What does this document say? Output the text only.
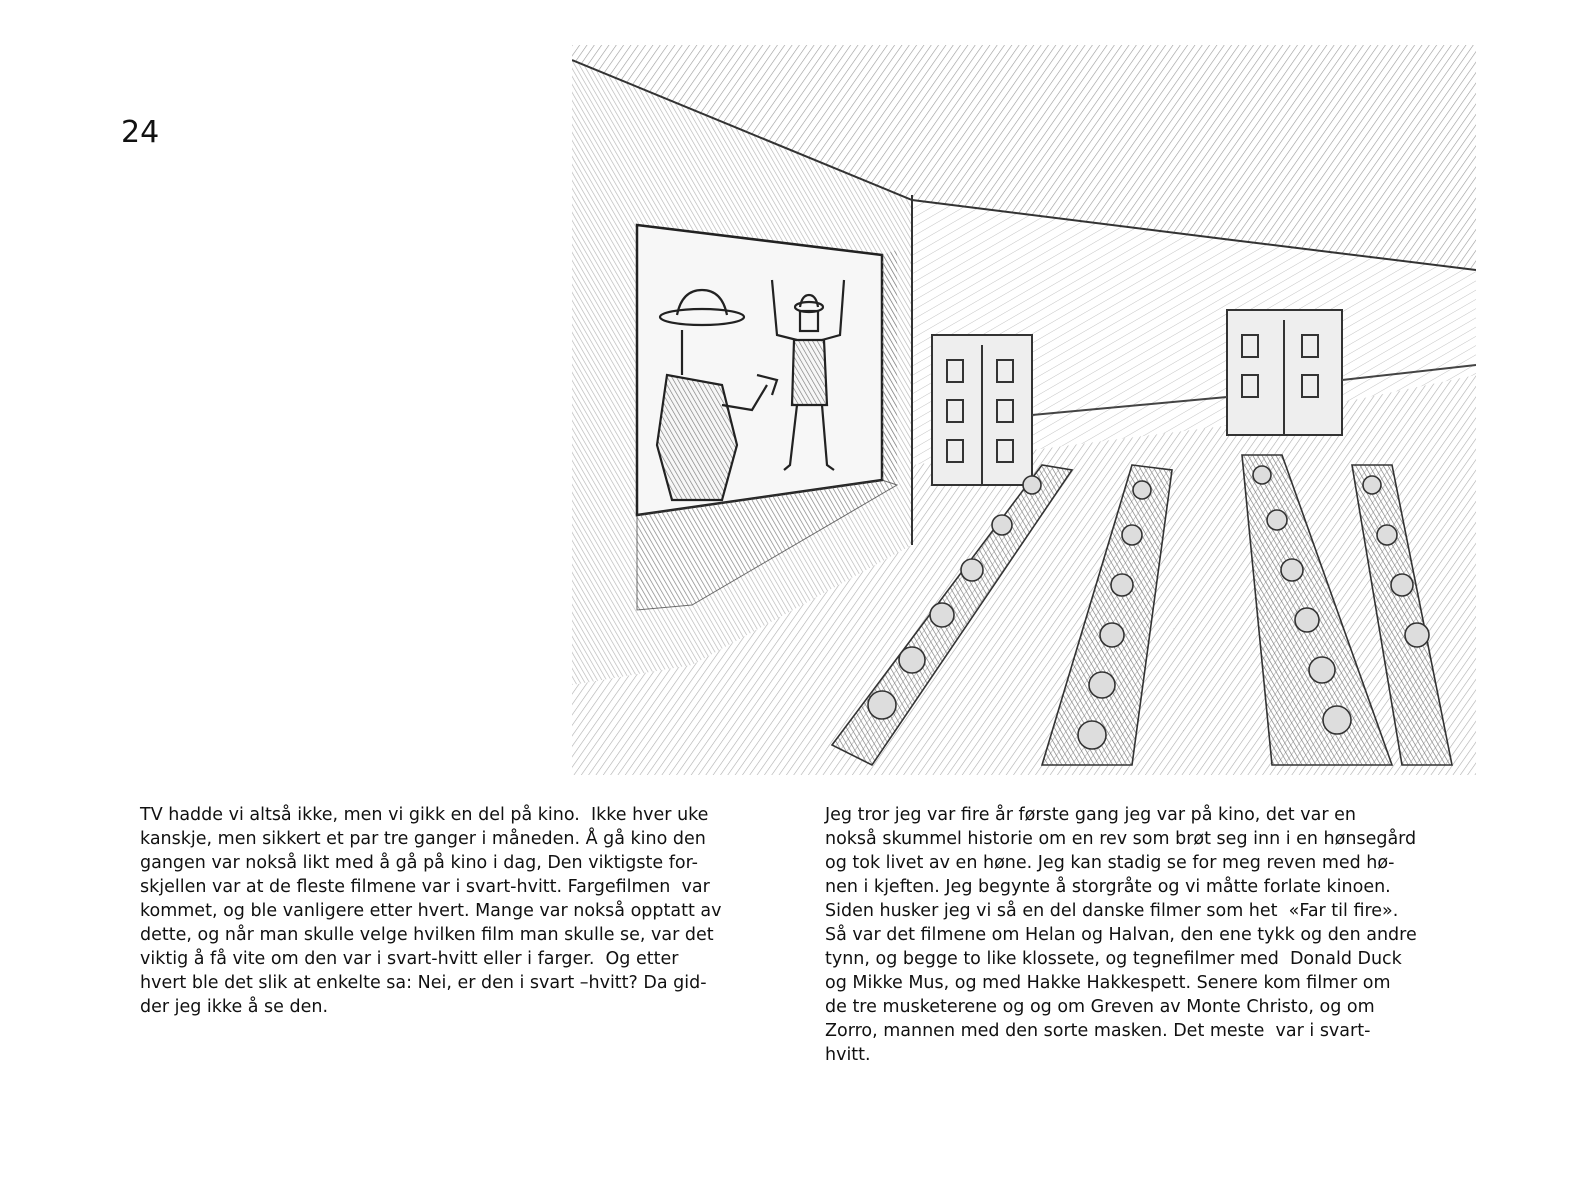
24

TV hadde vi altså ikke, men vi gikk en del på kino.  Ikke hver uke

kanskje, men sikkert et par tre ganger i måneden. Å gå kino den

gangen var nokså likt med å gå på kino i dag, Den viktigste for-

skjellen var at de fleste filmene var i svart-hvitt. Fargefilmen  var

kommet, og ble vanligere etter hvert. Mange var nokså opptatt av

dette, og når man skulle velge hvilken film man skulle se, var det

viktig å få vite om den var i svart-hvitt eller i farger.  Og etter

hvert ble det slik at enkelte sa: Nei, er den i svart –hvitt? Da gid-

der jeg ikke å se den.

Jeg tror jeg var fire år første gang jeg var på kino, det var en

nokså skummel historie om en rev som brøt seg inn i en hønsegård

og tok livet av en høne. Jeg kan stadig se for meg reven med hø-

nen i kjeften. Jeg begynte å storgråte og vi måtte forlate kinoen.

Siden husker jeg vi så en del danske filmer som het  «Far til fire».

Så var det filmene om Helan og Halvan, den ene tykk og den andre

tynn, og begge to like klossete, og tegnefilmer med  Donald Duck

og Mikke Mus, og med Hakke Hakkespett. Senere kom filmer om

de tre musketerene og og om Greven av Monte Christo, og om

Zorro, mannen med den sorte masken. Det meste  var i svart-

hvitt.
